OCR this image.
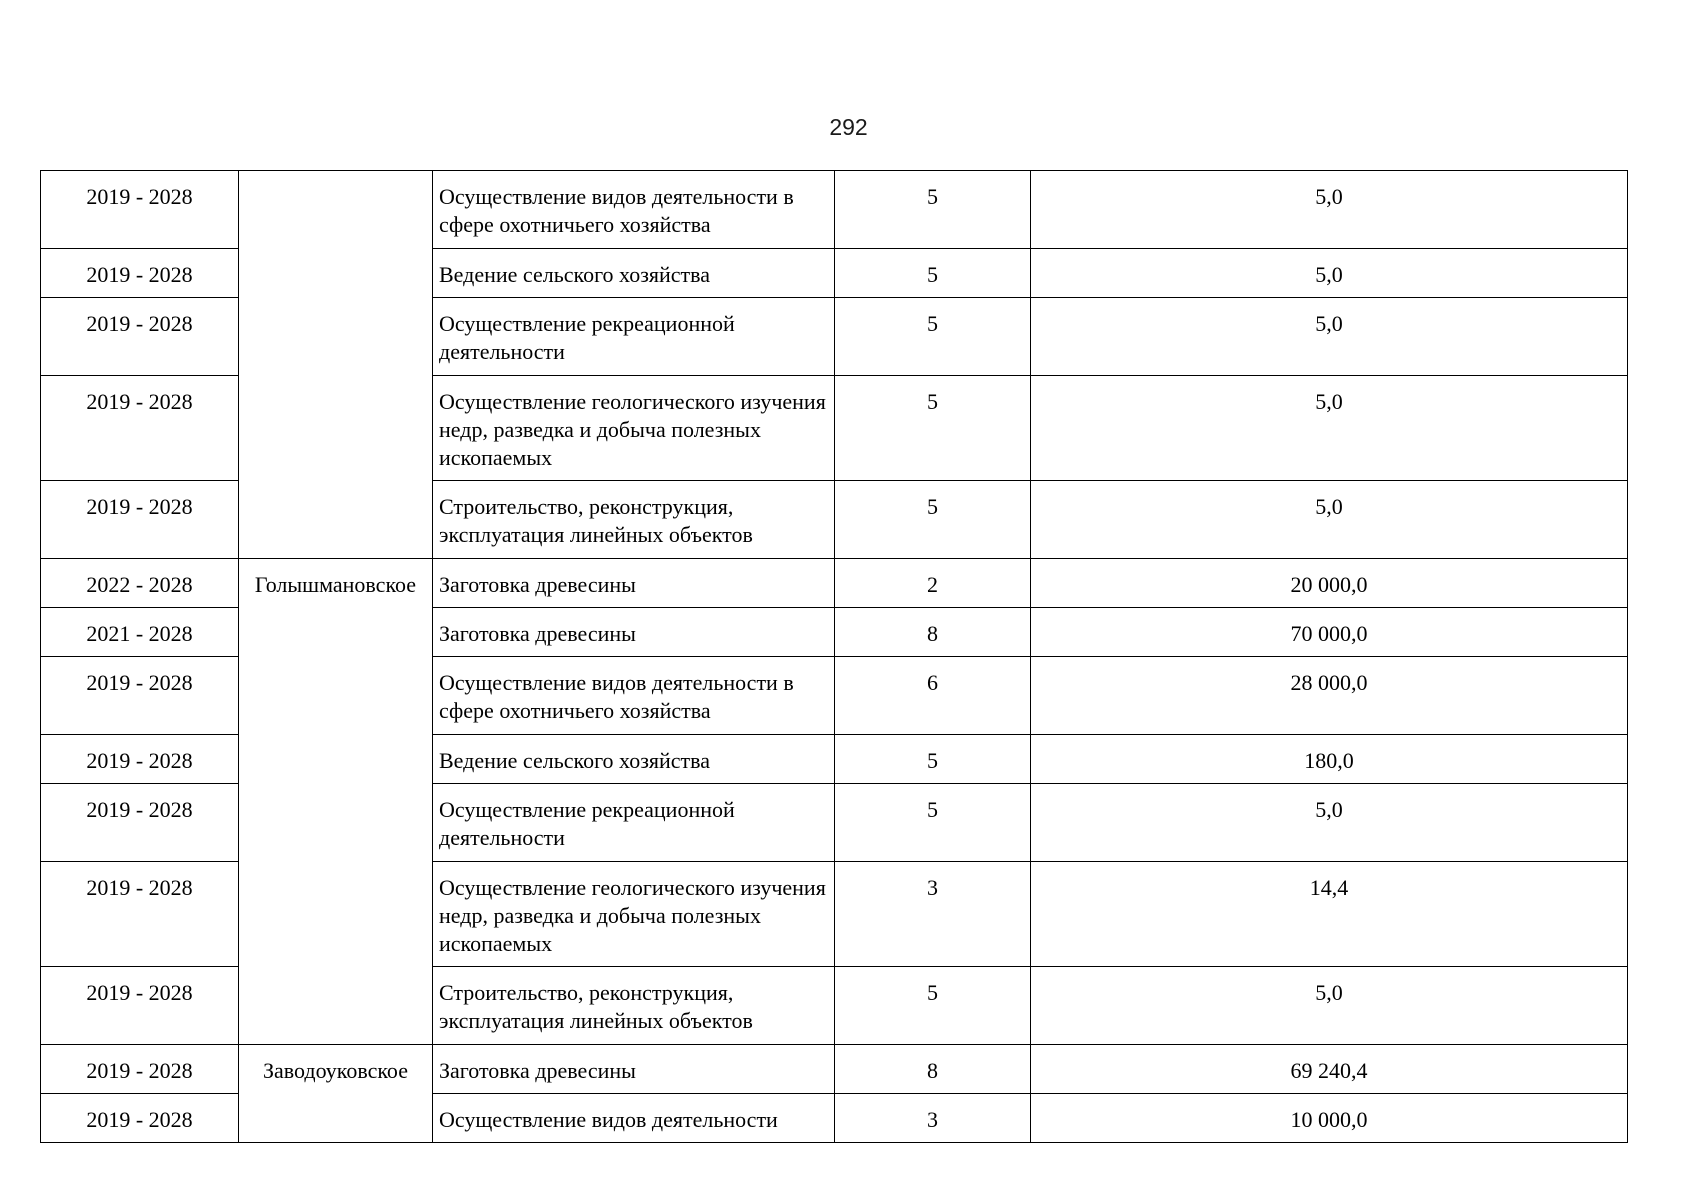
292
2019 - 2028		Осуществление видов деятельности в сфере охотничьего хозяйства	5	5,0
2019 - 2028		Ведение сельского хозяйства	5	5,0
2019 - 2028		Осуществление рекреационной деятельности	5	5,0
2019 - 2028		Осуществление геологического изучения недр, разведка и добыча полезных ископаемых	5	5,0
2019 - 2028		Строительство, реконструкция, эксплуатация линейных объектов	5	5,0
2022 - 2028	Голышмановское	Заготовка древесины	2	20 000,0
2021 - 2028		Заготовка древесины	8	70 000,0
2019 - 2028		Осуществление видов деятельности в сфере охотничьего хозяйства	6	28 000,0
2019 - 2028		Ведение сельского хозяйства	5	180,0
2019 - 2028		Осуществление рекреационной деятельности	5	5,0
2019 - 2028		Осуществление геологического изучения недр, разведка и добыча полезных ископаемых	3	14,4
2019 - 2028		Строительство, реконструкция, эксплуатация линейных объектов	5	5,0
2019 - 2028	Заводоуковское	Заготовка древесины	8	69 240,4
2019 - 2028		Осуществление видов деятельности	3	10 000,0
